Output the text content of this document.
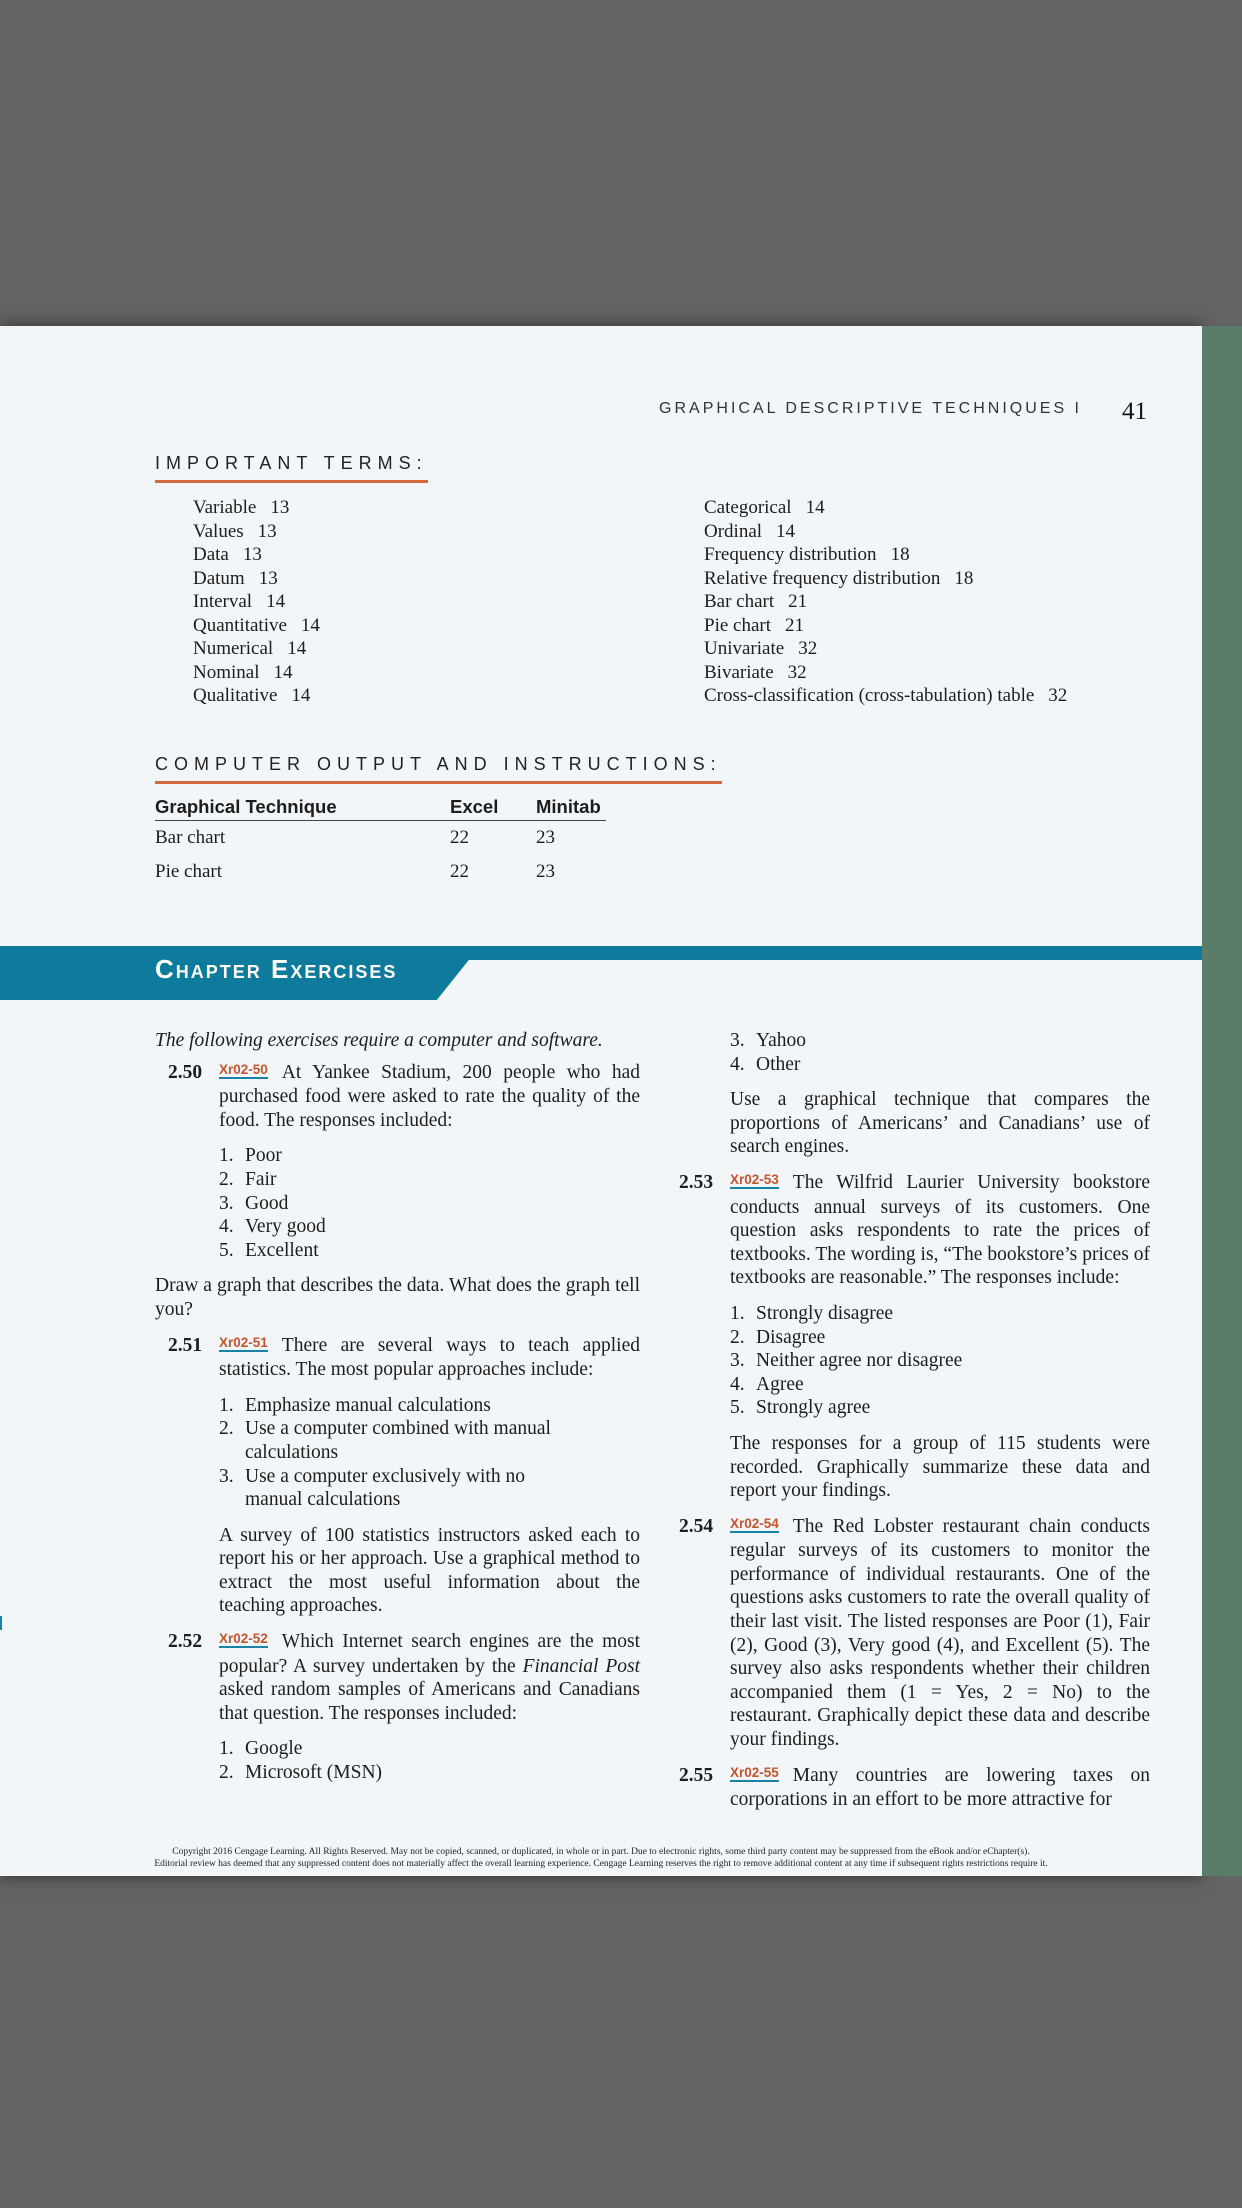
GRAPHICAL DESCRIPTIVE TECHNIQUES I 41
IMPORTANT TERMS:
Variable 13
Values 13
Data 13
Datum 13
Interval 14
Quantitative 14
Numerical 14
Nominal 14
Qualitative 14
Categorical 14
Ordinal 14
Frequency distribution 18
Relative frequency distribution 18
Bar chart 21
Pie chart 21
Univariate 32
Bivariate 32
Cross-classification (cross-tabulation) table 32
COMPUTER OUTPUT AND INSTRUCTIONS:
Graphical Technique	Excel	Minitab
Bar chart	22	23
Pie chart	22	23
Chapter Exercises

The following exercises require a computer and software.

2.50 $^{Xr02-50}$ At Yankee Stadium, 200 people who had purchased food were asked to rate the quality of the food. The responses included:
1. Poor
2. Fair
3. Good
4. Very good
5. Excellent

Draw a graph that describes the data. What does the graph tell you?

2.51 $^{Xr02-51}$ There are several ways to teach applied statistics. The most popular approaches include:
1. Emphasize manual calculations
2. Use a computer combined with manual calculations
3. Use a computer exclusively with no manual calculations

A survey of 100 statistics instructors asked each to report his or her approach. Use a graphical method to extract the most useful information about the teaching approaches.

2.52 $^{Xr02-52}$ Which Internet search engines are the most popular? A survey undertaken by the Financial Post asked random samples of Americans and Canadians that question. The responses included:
1. Google
2. Microsoft (MSN)
3. Yahoo
4. Other

Use a graphical technique that compares the proportions of Americans’ and Canadians’ use of search engines.

2.53 $^{Xr02-53}$ The Wilfrid Laurier University bookstore conducts annual surveys of its customers. One question asks respondents to rate the prices of textbooks. The wording is, “The bookstore’s prices of textbooks are reasonable.” The responses include:
1. Strongly disagree
2. Disagree
3. Neither agree nor disagree
4. Agree
5. Strongly agree

The responses for a group of 115 students were recorded. Graphically summarize these data and report your findings.

2.54 $^{Xr02-54}$ The Red Lobster restaurant chain conducts regular surveys of its customers to monitor the performance of individual restaurants. One of the questions asks customers to rate the overall quality of their last visit. The listed responses are Poor (1), Fair (2), Good (3), Very good (4), and Excellent (5). The survey also asks respondents whether their children accompanied them (1 = Yes, 2 = No) to the restaurant. Graphically depict these data and describe your findings.
2.55 $^{Xr02-55}$ Many countries are lowering taxes on corporations in an effort to be more attractive for
Copyright 2016 Cengage Learning. All Rights Reserved. May not be copied, scanned, or duplicated, in whole or in part. Due to electronic rights, some third party content may be suppressed from the eBook and/or eChapter(s).
Editorial review has deemed that any suppressed content does not materially affect the overall learning experience. Cengage Learning reserves the right to remove additional content at any time if subsequent rights restrictions require it.
